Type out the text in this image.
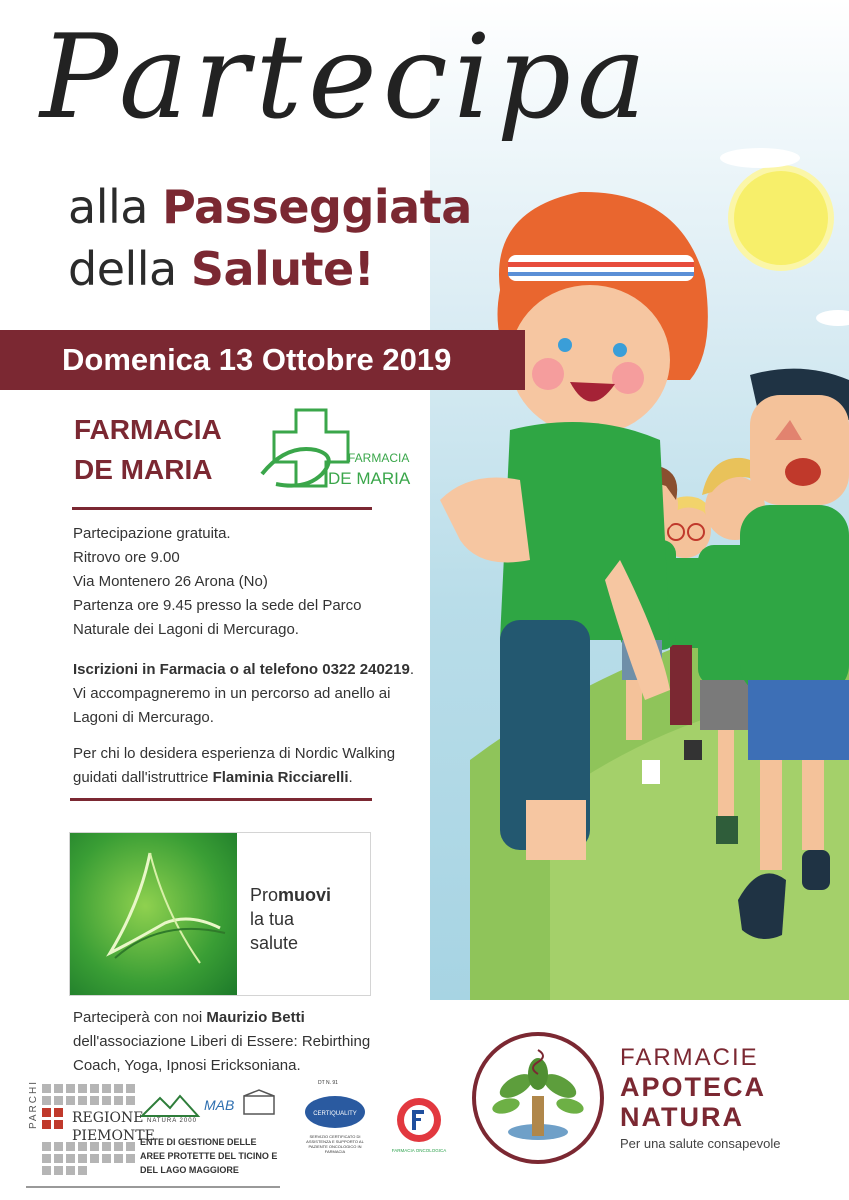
Partecipa
alla Passeggiata
della Salute!
Domenica 13 Ottobre 2019
FARMACIA
DE MARIA	FARMACIA
DE MARIA

Partecipazione gratuita.

Ritrovo ore 9.00

Via Montenero 26 Arona (No)

Partenza ore 9.45 presso la sede del Parco

Naturale dei Lagoni di Mercurago.

Iscrizioni in Farmacia o al telefono 0322 240219.

Vi accompagneremo in un percorso ad anello ai

Lagoni di Mercurago.

Per chi lo desidera esperienza di Nordic Walking

guidati dall'istruttrice Flaminia Ricciarelli.

Promuovi
la tua
salute

Parteciperà con noi Maurizio Betti

dell'associazione Liberi di Essere: Rebirthing

Coach, Yoga, Ipnosi Ericksoniana.	FARMACIE
APOTECA
NATURA
Per una salute consapevole
PARCHI REGIONE
PIEMONTE
MAB
NATURA 2000
ENTE DI GESTIONE DELLE AREE PROTETTE DEL TICINO E DEL LAGO MAGGIORE
DT N. 91
CERTIQUALITY
SERVIZIO CERTIFICATO DI ASSISTENZA E SUPPORTO AL PAZIENTE ONCOLOGICO IN FARMACIA	FARMACIA ONCOLOGICA
